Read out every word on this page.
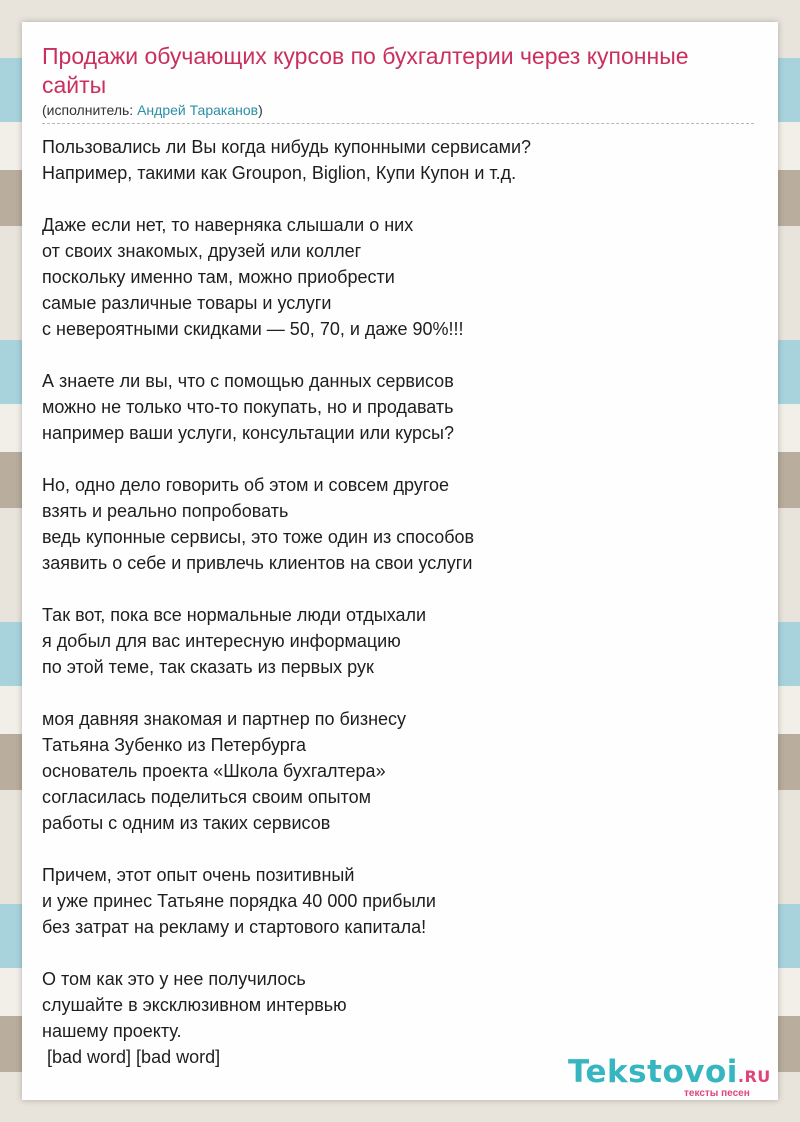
Продажи обучающих курсов по бухгалтерии через купонные сайты
(исполнитель: Андрей Тараканов)
Пользовались ли Вы когда нибудь купонными сервисами?
Например, такими как Groupon, Biglion, Купи Купон и т.д.
Даже если нет, то наверняка слышали о них
от своих знакомых, друзей или коллег
поскольку именно там, можно приобрести
самые различные товары и услуги
с невероятными скидками — 50, 70, и даже 90%!!!
А знаете ли вы, что с помощью данных сервисов
можно не только что-то покупать, но и продавать
например ваши услуги, консультации или курсы?
Но, одно дело говорить об этом и совсем другое
взять и реально попробовать
ведь купонные сервисы, это тоже один из способов
заявить о себе и привлечь клиентов на свои услуги
Так вот, пока все нормальные люди отдыхали
я добыл для вас интересную информацию
по этой теме, так сказать из первых рук
моя давняя знакомая и партнер по бизнесу
Татьяна Зубенко из Петербурга
основатель проекта «Школа бухгалтера»
согласилась поделиться своим опытом
работы с одним из таких сервисов
Причем, этот опыт очень позитивный
и уже принес Татьяне порядка 40 000 прибыли
без затрат на рекламу и стартового капитала!
О том как это у нее получилось
слушайте в эксклюзивном интервью
нашему проекту.
[bad word] [bad word]	Tekstovoi.RU
тексты песен
